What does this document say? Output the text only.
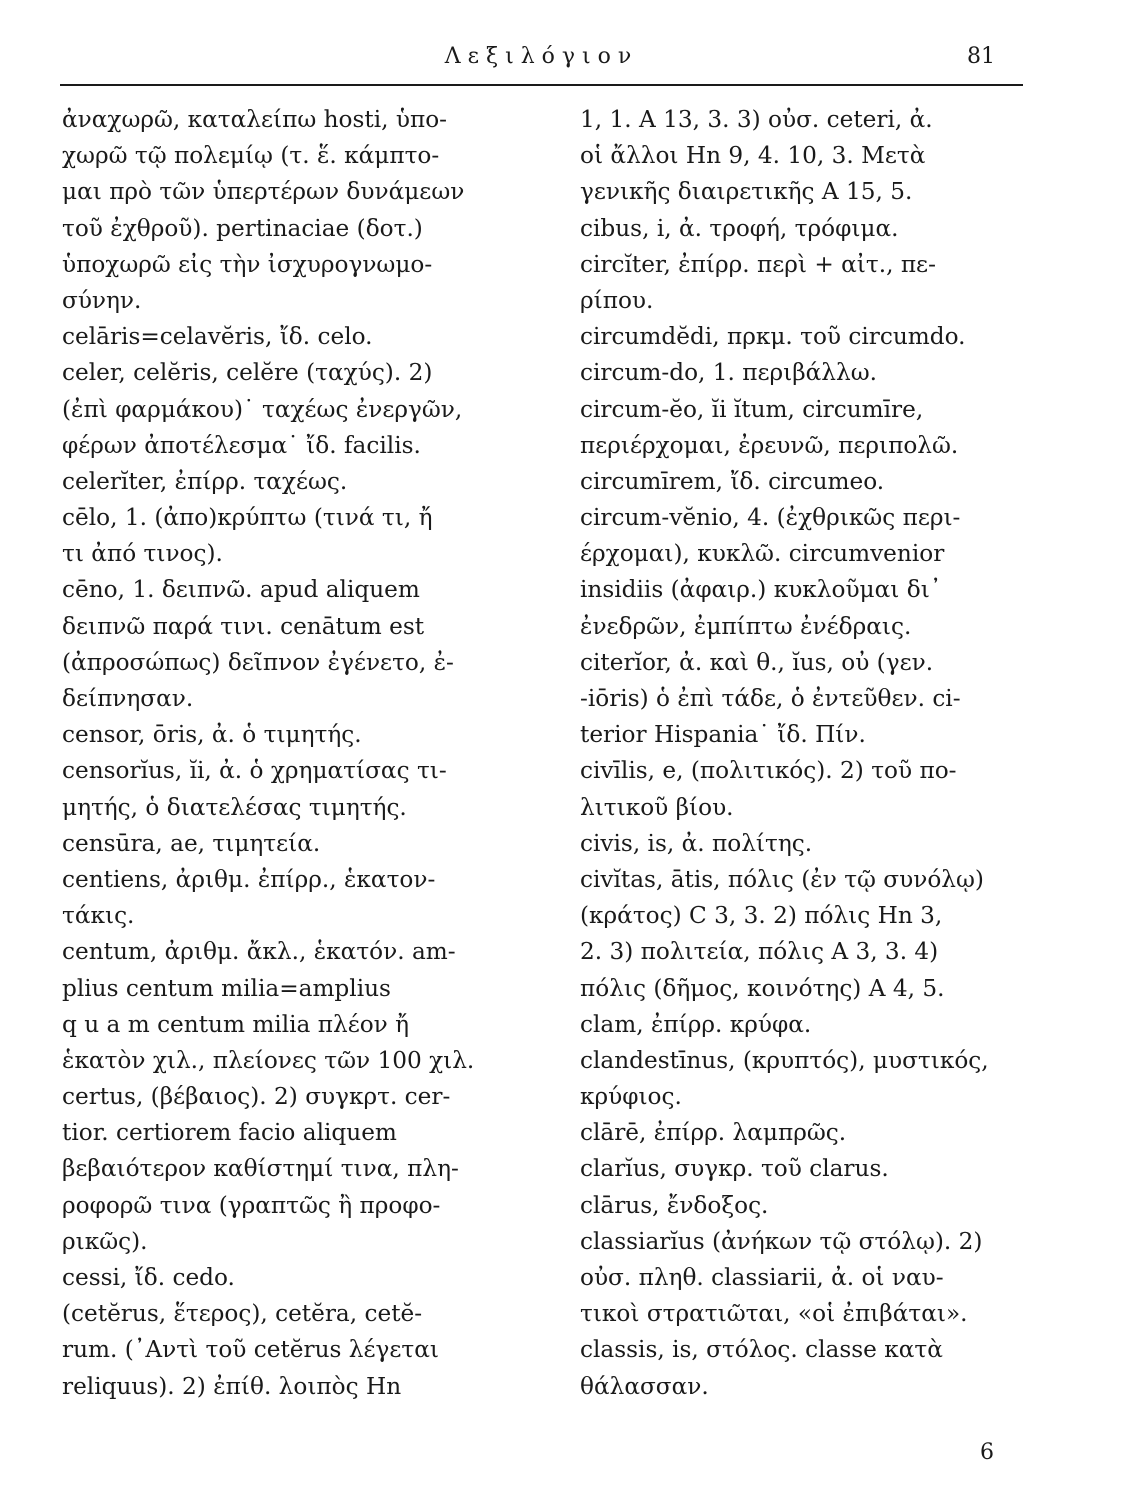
Λεξιλόγιον	81
ἀναχωρῶ, καταλείπω hosti, ὑπο-
χωρῶ τῷ πολεμίῳ (τ. ἕ. κάμπτο-
μαι πρὸ τῶν ὑπερτέρων δυνάμεων
τοῦ ἐχθροῦ). pertinaciae (δοτ.)
ὑποχωρῶ εἰς τὴν ἰσχυρογνωμο-
σύνην.
celāris=celavĕris, ἴδ. celo.
celer, celĕris, celĕre (ταχύς). 2)
(ἐπὶ φαρμάκου)˙ ταχέως ἐνεργῶν,
φέρων ἀποτέλεσμα˙ ἴδ. facilis.
celerĭter, ἐπίρρ. ταχέως.
cēlo, 1. (ἀπο)κρύπτω (τινά τι, ἤ
τι ἀπό τινος).
cēno, 1. δειπνῶ. apud aliquem
δειπνῶ παρά τινι. cenātum est
(ἀπροσώπως) δεῖπνον ἐγένετο, ἐ-
δείπνησαν.
censor, ōris, ἀ. ὁ τιμητής.
censorĭus, ĭi, ἀ. ὁ χρηματίσας τι-
μητής, ὁ διατελέσας τιμητής.
censūra, ae, τιμητεία.
centiens, ἀριθμ. ἐπίρρ., ἑκατον-
τάκις.
centum, ἀριθμ. ἄκλ., ἑκατόν. am-
plius centum milia=amplius
q u a m centum milia πλέον ἤ
ἑκατὸν χιλ., πλείονες τῶν 100 χιλ.
certus, (βέβαιος). 2) συγκρτ. cer-
tior. certiorem facio aliquem
βεβαιότερον καθίστημί τινα, πλη-
ροφορῶ τινα (γραπτῶς ἢ προφο-
ρικῶς).
cessi, ἴδ. cedo.
(cetĕrus, ἕτερος), cetĕra, cetĕ-
rum. (᾿Αντὶ τοῦ cetĕrus λέγεται
reliquus). 2) ἐπίθ. λοιπὸς Hn
1, 1. A 13, 3. 3) οὐσ. ceteri, ἀ.
οἱ ἄλλοι Hn 9, 4. 10, 3. Μετὰ
γενικῆς διαιρετικῆς A 15, 5.
cibus, i, ἀ. τροφή, τρόφιμα.
circĭter, ἐπίρρ. περὶ + αἰτ., πε-
ρίπου.
circumdĕdi, πρκμ. τοῦ circumdo.
circum-do, 1. περιβάλλω.
circum-ĕo, ĭi ĭtum, circumīre,
περιέρχομαι, ἐρευνῶ, περιπολῶ.
circumīrem, ἴδ. circumeo.
circum-vĕnio, 4. (ἐχθρικῶς περι-
έρχομαι), κυκλῶ. circumvenior
insidiis (ἀφαιρ.) κυκλοῦμαι δι᾿
ἐνεδρῶν, ἐμπίπτω ἐνέδραις.
citerĭor, ἀ. καὶ θ., ĭus, οὐ (γεν.
-iōris) ὁ ἐπὶ τάδε, ὁ ἐντεῦθεν. ci-
terior Hispania˙ ἴδ. Πίν.
civīlis, e, (πολιτικός). 2) τοῦ πο-
λιτικοῦ βίου.
civis, is, ἀ. πολίτης.
civĭtas, ātis, πόλις (ἐν τῷ συνόλῳ)
(κράτος) C 3, 3. 2) πόλις Hn 3,
2. 3) πολιτεία, πόλις A 3, 3. 4)
πόλις (δῆμος, κοινότης) A 4, 5.
clam, ἐπίρρ. κρύφα.
clandestīnus, (κρυπτός), μυστικός,
κρύφιος.
clārē, ἐπίρρ. λαμπρῶς.
clarĭus, συγκρ. τοῦ clarus.
clārus, ἔνδοξος.
classiarĭus (ἀνήκων τῷ στόλῳ). 2)
οὐσ. πληθ. classiarii, ἀ. οἱ ναυ-
τικοὶ στρατιῶται, «οἱ ἐπιβάται».
classis, is, στόλος. classe κατὰ
θάλασσαν.
6
